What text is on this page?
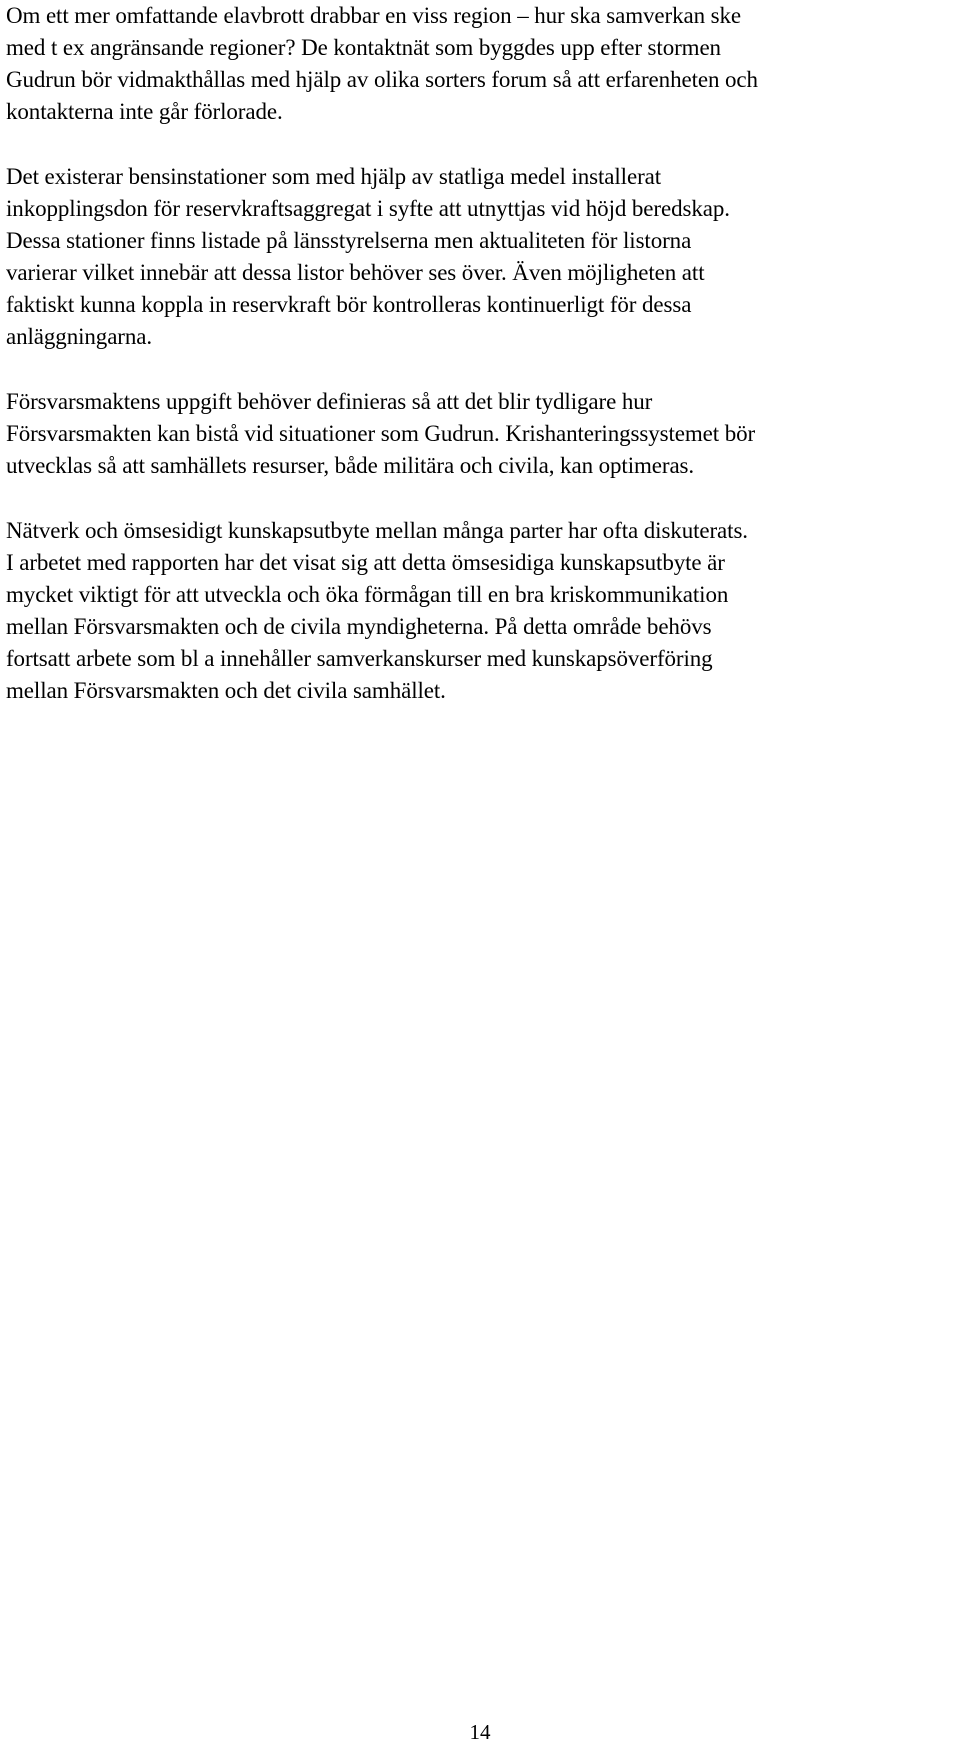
Om ett mer omfattande elavbrott drabbar en viss region – hur ska samverkan ske
med t ex angränsande regioner? De kontaktnät som byggdes upp efter stormen
Gudrun bör vidmakthållas med hjälp av olika sorters forum så att erfarenheten och
kontakterna inte går förlorade.

Det existerar bensinstationer som med hjälp av statliga medel installerat
inkopplingsdon för reservkraftsaggregat i syfte att utnyttjas vid höjd beredskap.
Dessa stationer finns listade på länsstyrelserna men aktualiteten för listorna
varierar vilket innebär att dessa listor behöver ses över. Även möjligheten att
faktiskt kunna koppla in reservkraft bör kontrolleras kontinuerligt för dessa
anläggningarna.

Försvarsmaktens uppgift behöver definieras så att det blir tydligare hur
Försvarsmakten kan bistå vid situationer som Gudrun. Krishanteringssystemet bör
utvecklas så att samhällets resurser, både militära och civila, kan optimeras.

Nätverk och ömsesidigt kunskapsutbyte mellan många parter har ofta diskuterats.
I arbetet med rapporten har det visat sig att detta ömsesidiga kunskapsutbyte är
mycket viktigt för att utveckla och öka förmågan till en bra kriskommunikation
mellan Försvarsmakten och de civila myndigheterna. På detta område behövs
fortsatt arbete som bl a innehåller samverkanskurser med kunskapsöverföring
mellan Försvarsmakten och det civila samhället.

14
